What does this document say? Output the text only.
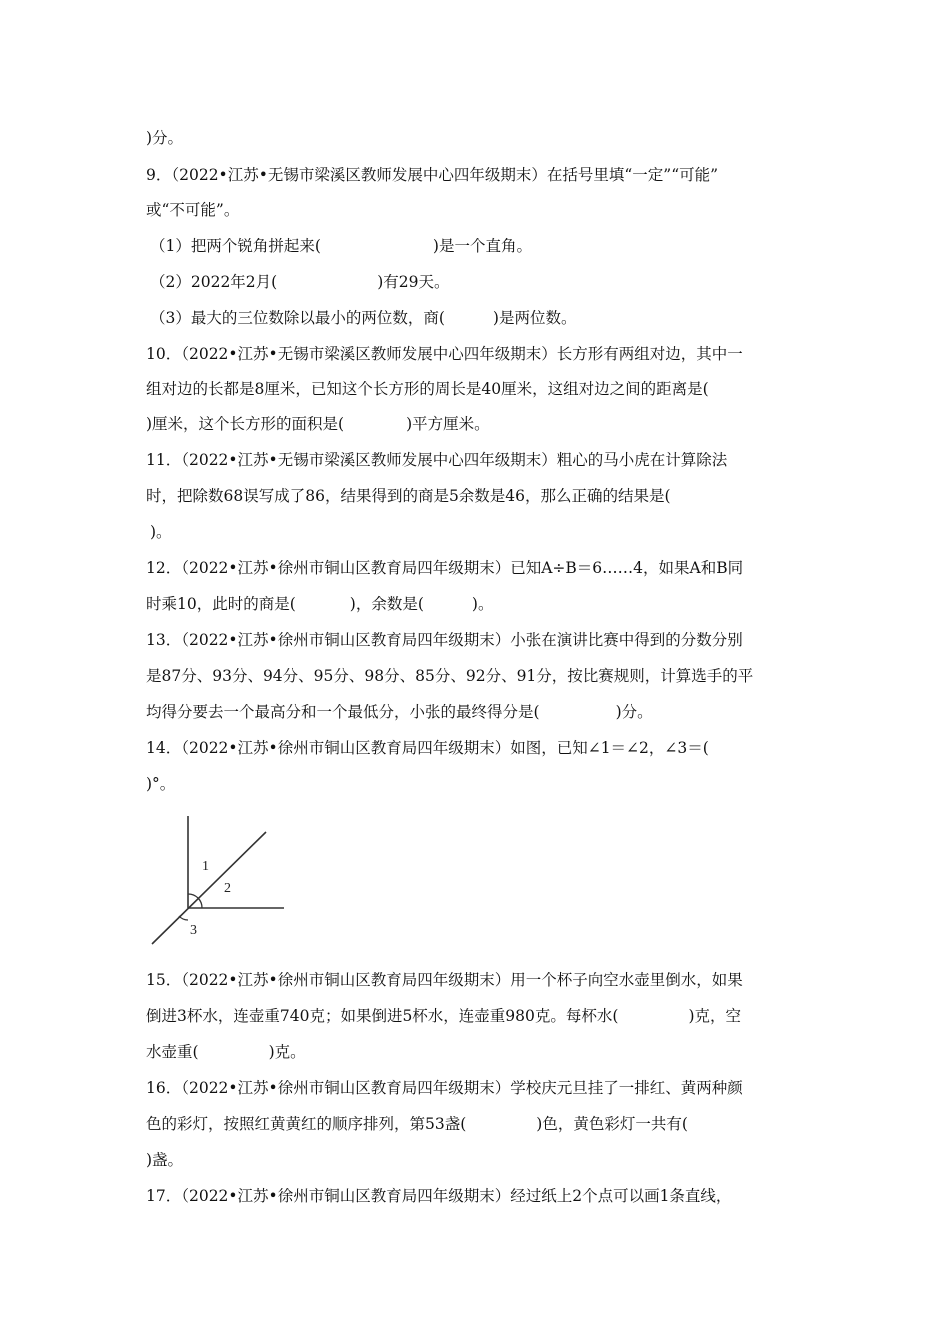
)分。
9．（2022•江苏•无锡市梁溪区教师发展中心四年级期末）在括号里填“一定”“可能”
或“不可能”。
（1）把两个锐角拼起来(	)是一个直角。
（2）2022年2月(	)有29天。
（3）最大的三位数除以最小的两位数，商(	)是两位数。
10．（2022•江苏•无锡市梁溪区教师发展中心四年级期末）长方形有两组对边，其中一
组对边的长都是8厘米，已知这个长方形的周长是40厘米，这组对边之间的距离是(
)厘米，这个长方形的面积是(	)平方厘米。
11．（2022•江苏•无锡市梁溪区教师发展中心四年级期末）粗心的马小虎在计算除法
时，把除数68误写成了86，结果得到的商是5余数是46，那么正确的结果是(
)。
12．（2022•江苏•徐州市铜山区教育局四年级期末）已知A÷B＝6……4，如果A和B同
时乘10，此时的商是(	)，余数是(	)。
13．（2022•江苏•徐州市铜山区教育局四年级期末）小张在演讲比赛中得到的分数分别
是87分、93分、94分、95分、98分、85分、92分、91分，按比赛规则，计算选手的平
均得分要去一个最高分和一个最低分，小张的最终得分是(	)分。
14．（2022•江苏•徐州市铜山区教育局四年级期末）如图，已知∠1＝∠2，∠3＝(
)°。
1
2
3
15．（2022•江苏•徐州市铜山区教育局四年级期末）用一个杯子向空水壶里倒水，如果
倒进3杯水，连壶重740克；如果倒进5杯水，连壶重980克。每杯水(	)克，空
水壶重(	)克。
16．（2022•江苏•徐州市铜山区教育局四年级期末）学校庆元旦挂了一排红、黄两种颜
色的彩灯，按照红黄黄红的顺序排列，第53盏(	)色，黄色彩灯一共有(
)盏。
17．（2022•江苏•徐州市铜山区教育局四年级期末）经过纸上2个点可以画1条直线，
